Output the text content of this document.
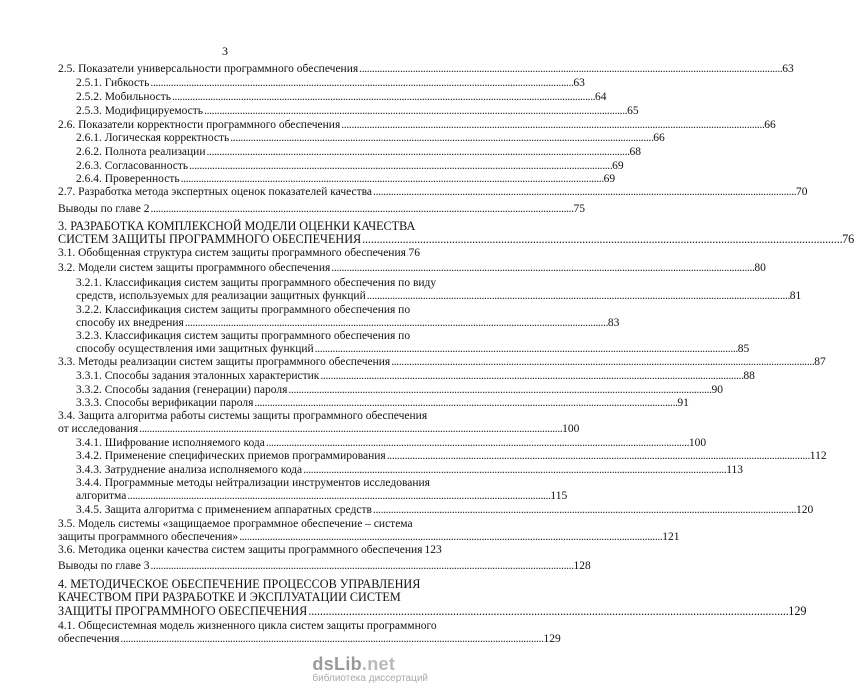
3
2.5. Показатели универсальности программного обеспечения . . .	63
2.5.1. Гибкость . . .	63
2.5.2. Мобильность . . .	64
2.5.3. Модифицируемость . . .	65
2.6. Показатели корректности программного обеспечения . . .	66
2.6.1. Логическая корректность . . .	66
2.6.2. Полнота реализации . . .	68
2.6.3. Согласованность . . .	69
2.6.4. Проверенность . . .	69
2.7. Разработка метода экспертных оценок показателей качества . . .	70
Выводы по главе 2 . . .	75
3. РАЗРАБОТКА КОМПЛЕКСНОЙ МОДЕЛИ ОЦЕНКИ КАЧЕСТВА
СИСТЕМ ЗАЩИТЫ ПРОГРАММНОГО ОБЕСПЕЧЕНИЯ . . .	76
3.1. Обобщенная структура систем защиты программного обеспечения . . . 76
3.2. Модели систем защиты программного обеспечения . . .	80
3.2.1. Классификация систем защиты программного обеспечения по виду
средств, используемых для реализации защитных функций . . .	81
3.2.2. Классификация систем защиты программного обеспечения по
способу их внедрения . . .	83
3.2.3. Классификация систем защиты программного обеспечения по
способу осуществления ими защитных функций . . .	85
3.3. Методы реализации систем защиты программного обеспечения . . .	87
3.3.1. Способы задания эталонных характеристик . . .	88
3.3.2. Способы задания (генерации) пароля . . .	90
3.3.3. Способы верификации пароля . . .	91
3.4. Защита алгоритма работы системы защиты программного обеспечения
от исследования . . .	100
3.4.1. Шифрование исполняемого кода . . .	100
3.4.2. Применение специфических приемов программирования . . .	112
3.4.3. Затруднение анализа исполняемого кода . . .	113
3.4.4. Программные методы нейтрализации инструментов исследования
алгоритма . . .	115
3.4.5. Защита алгоритма с применением аппаратных средств . . .	120
3.5. Модель системы «защищаемое программное обеспечение – система
защиты программного обеспечения» . . .	121
3.6. Методика оценки качества систем защиты программного обеспечения 123
Выводы по главе 3 . . .	128
4. МЕТОДИЧЕСКОЕ ОБЕСПЕЧЕНИЕ ПРОЦЕССОВ УПРАВЛЕНИЯ
КАЧЕСТВОМ ПРИ РАЗРАБОТКЕ И ЭКСПЛУАТАЦИИ СИСТЕМ
ЗАЩИТЫ ПРОГРАММНОГО ОБЕСПЕЧЕНИЯ . . .	129
4.1. Общесистемная модель жизненного цикла систем защиты программного
обеспечения . . .	129
dsLib.net
библиотека диссертаций
